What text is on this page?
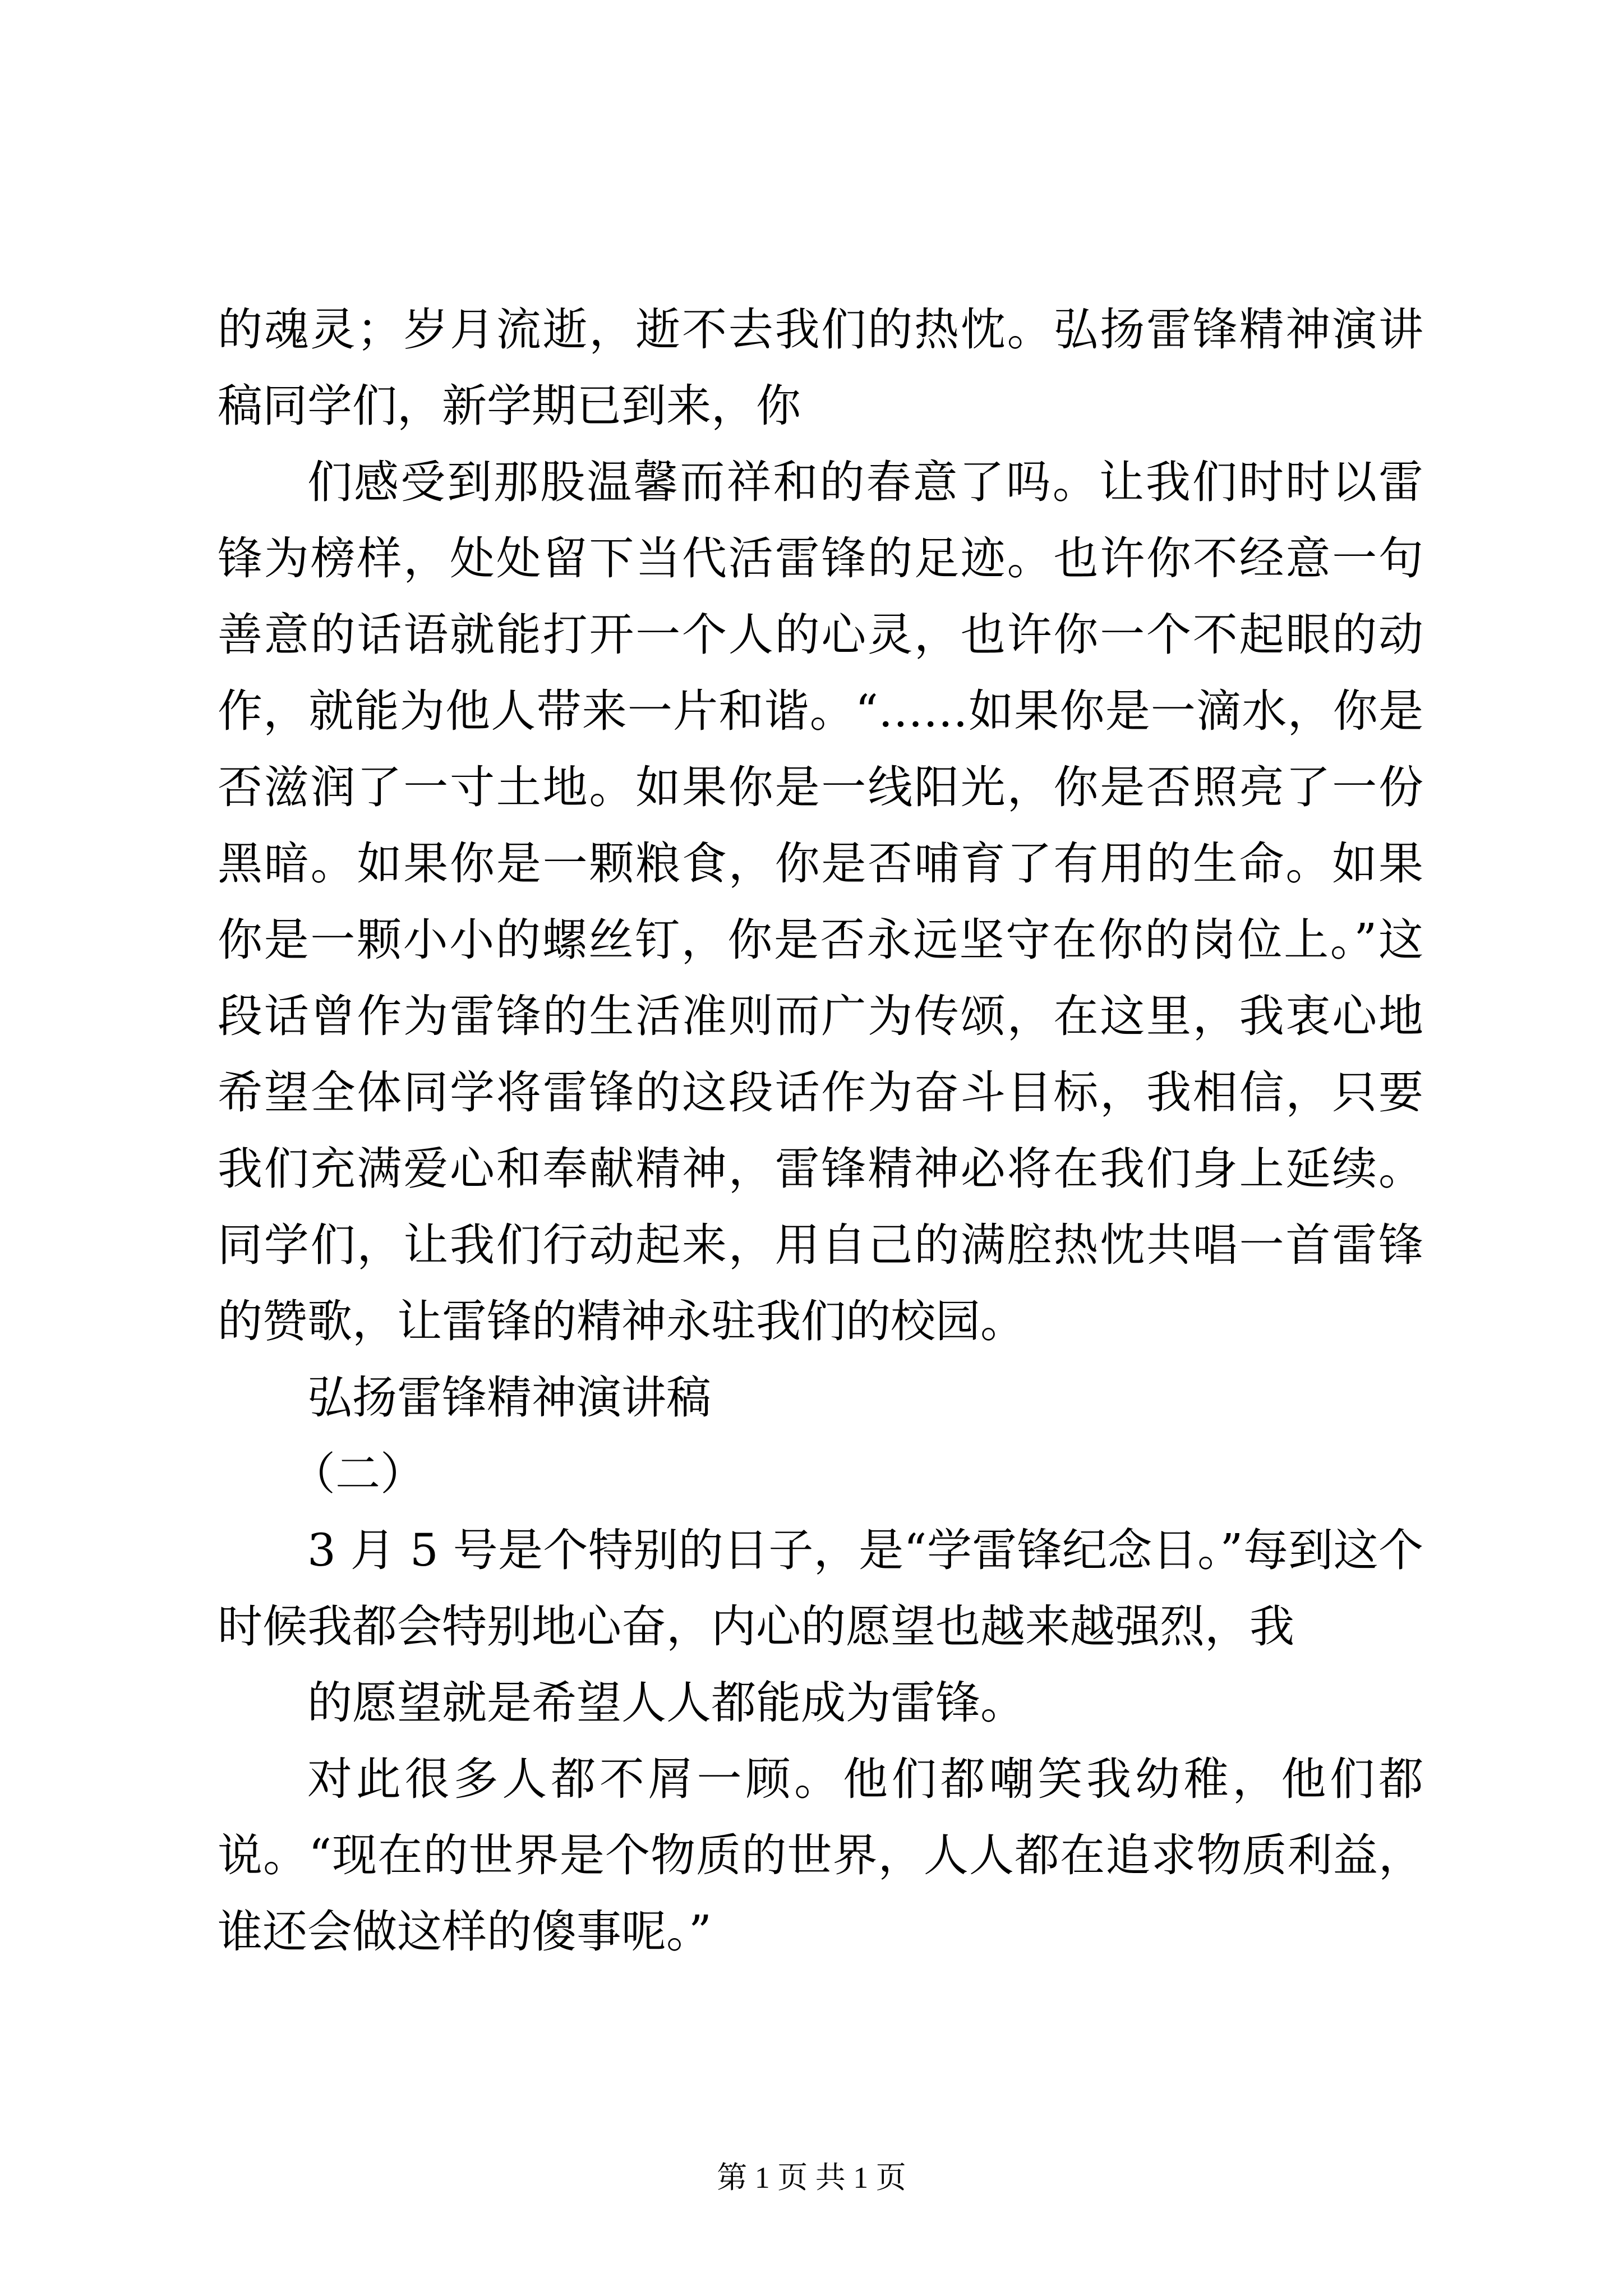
的魂灵；岁月流逝，逝不去我们的热忱。弘扬雷锋精神演讲稿同学们，新学期已到来，你

们感受到那股温馨而祥和的春意了吗。让我们时时以雷锋为榜样，处处留下当代活雷锋的足迹。也许你不经意一句善意的话语就能打开一个人的心灵，也许你一个不起眼的动作，就能为他人带来一片和谐。“……如果你是一滴水，你是否滋润了一寸土地。如果你是一线阳光，你是否照亮了一份黑暗。如果你是一颗粮食，你是否哺育了有用的生命。如果你是一颗小小的螺丝钉，你是否永远坚守在你的岗位上。”这段话曾作为雷锋的生活准则而广为传颂，在这里，我衷心地希望全体同学将雷锋的这段话作为奋斗目标，我相信，只要我们充满爱心和奉献精神，雷锋精神必将在我们身上延续。同学们，让我们行动起来，用自己的满腔热忱共唱一首雷锋的赞歌，让雷锋的精神永驻我们的校园。

弘扬雷锋精神演讲稿

（二）

3 月 5 号是个特别的日子，是“学雷锋纪念日。”每到这个时候我都会特别地心奋，内心的愿望也越来越强烈，我

的愿望就是希望人人都能成为雷锋。

对此很多人都不屑一顾。他们都嘲笑我幼稚，他们都说。“现在的世界是个物质的世界，人人都在追求物质利益，谁还会做这样的傻事呢。”

第 1 页 共 1 页
